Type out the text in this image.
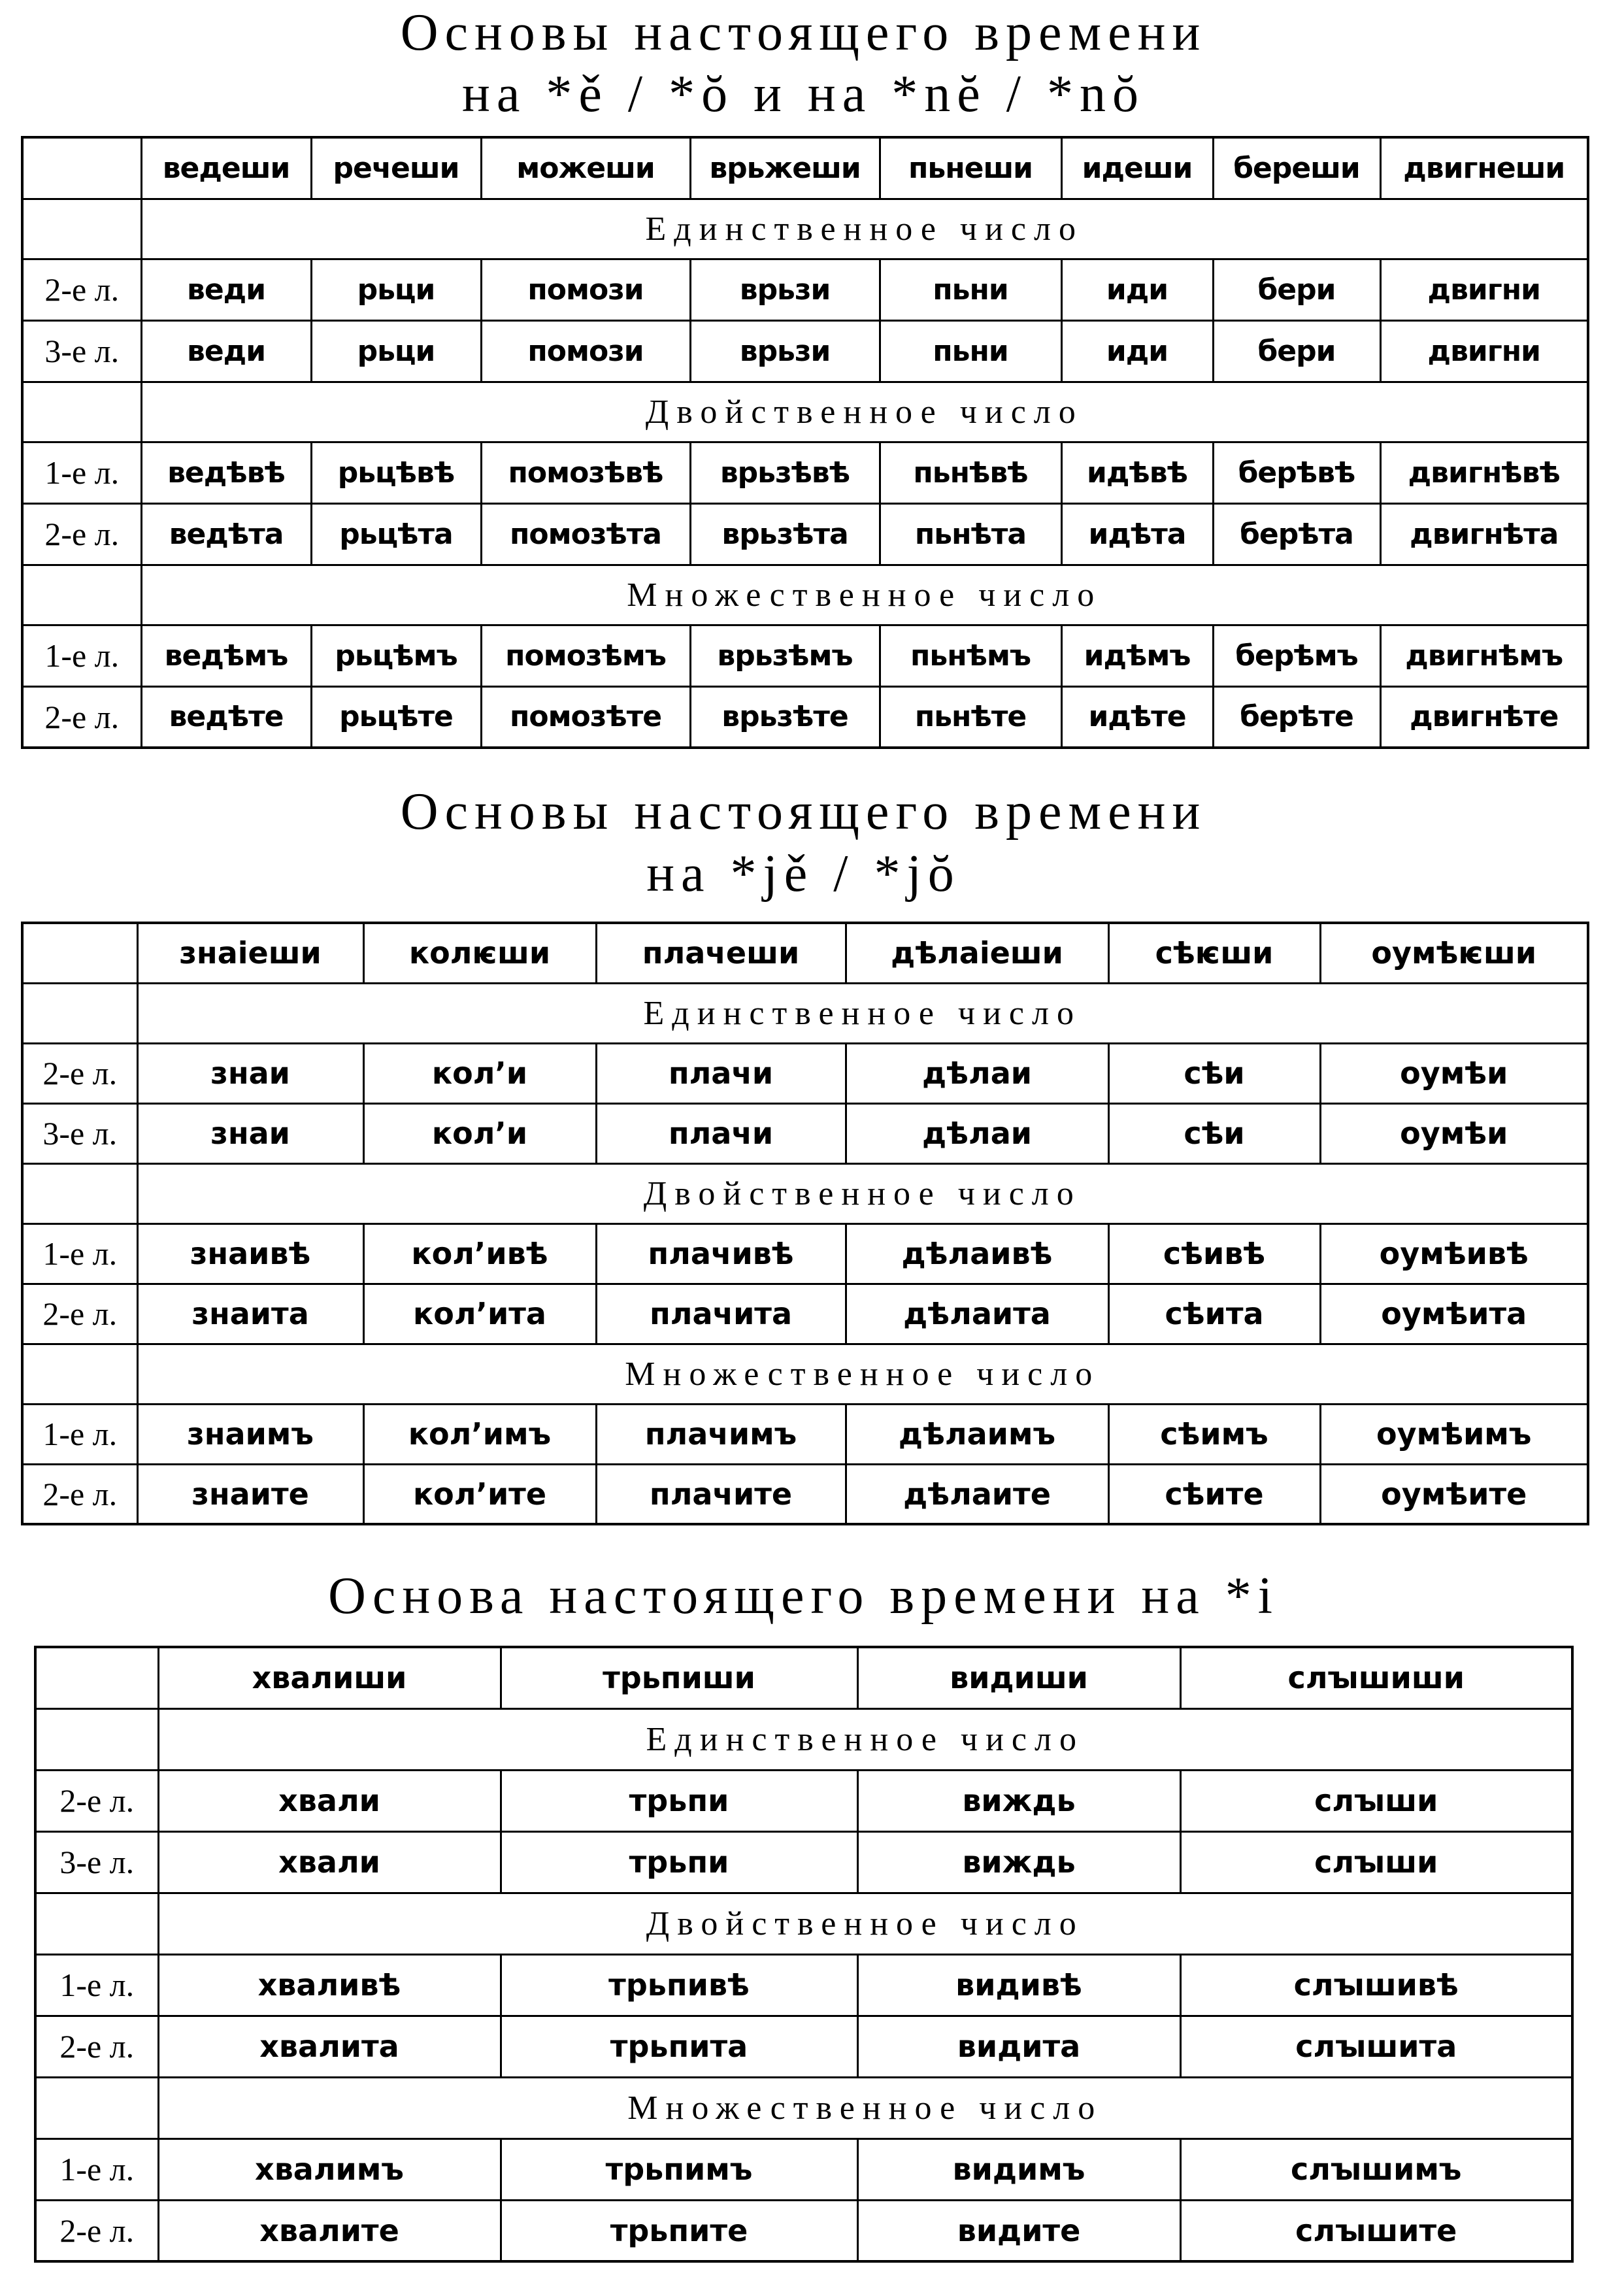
Основы настоящего времени
на *ě / *ŏ и на *nĕ / *nŏ
	ведеши	речеши	можеши	врьжеши	пьнеши	идеши	береши	двигнеши
	Единственное число							
2-е л.	веди	рьци	помози	врьзи	пьни	иди	бери	двигни
3-е л.	веди	рьци	помози	врьзи	пьни	иди	бери	двигни
	Двойственное число							
1-е л.	ведѣвѣ	рьцѣвѣ	помозѣвѣ	врьзѣвѣ	пьнѣвѣ	идѣвѣ	берѣвѣ	двигнѣвѣ
2-е л.	ведѣта	рьцѣта	помозѣта	врьзѣта	пьнѣта	идѣта	берѣта	двигнѣта
	Множественное число							
1-е л.	ведѣмъ	рьцѣмъ	помозѣмъ	врьзѣмъ	пьнѣмъ	идѣмъ	берѣмъ	двигнѣмъ
2-е л.	ведѣте	рьцѣте	помозѣте	врьзѣте	пьнѣте	идѣте	берѣте	двигнѣте
Основы настоящего времени
на *jě / *jŏ
	знаіеши	колѥши	плачеши	дѣлаіеши	сѣѥши	оумѣѥши
	Единственное число					
2-е л.	знаи	кол’и	плачи	дѣлаи	сѣи	оумѣи
3-е л.	знаи	кол’и	плачи	дѣлаи	сѣи	оумѣи
	Двойственное число					
1-е л.	знаивѣ	кол’ивѣ	плачивѣ	дѣлаивѣ	сѣивѣ	оумѣивѣ
2-е л.	знаита	кол’ита	плачита	дѣлаита	сѣита	оумѣита
	Множественное число					
1-е л.	знаимъ	кол’имъ	плачимъ	дѣлаимъ	сѣимъ	оумѣимъ
2-е л.	знаите	кол’ите	плачите	дѣлаите	сѣите	оумѣите
Основа настоящего времени на *i
	хвалиши	трьпиши	видиши	слꙑшиши
	Единственное число			
2-е л.	хвали	трьпи	виждь	слꙑши
3-е л.	хвали	трьпи	виждь	слꙑши
	Двойственное число			
1-е л.	хваливѣ	трьпивѣ	видивѣ	слꙑшивѣ
2-е л.	хвалита	трьпита	видита	слꙑшита
	Множественное число			
1-е л.	хвалимъ	трьпимъ	видимъ	слꙑшимъ
2-е л.	хвалите	трьпите	видите	слꙑшите
